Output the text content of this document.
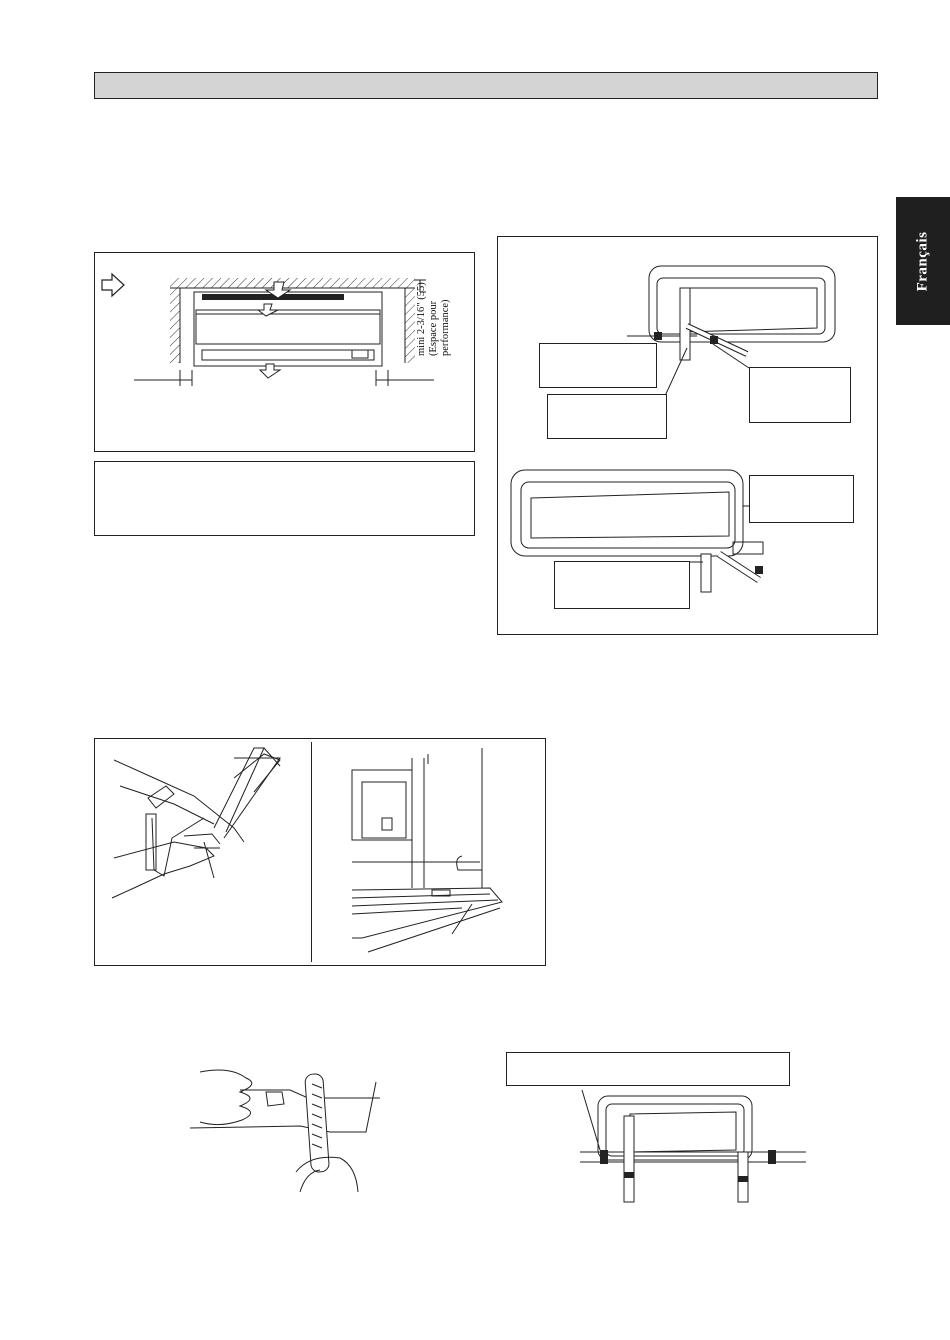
Français
mini 2-3/16" (55) (Espace pour performance)
